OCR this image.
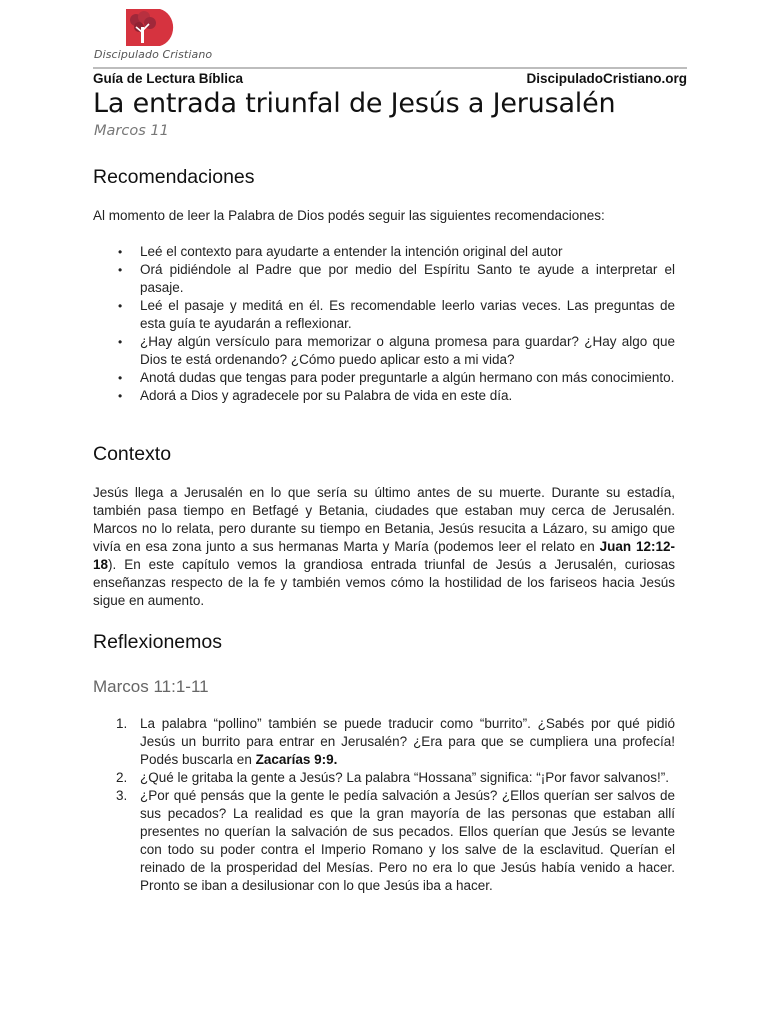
Discipulado Cristiano
Guía de Lectura Bíblica	DiscipuladoCristiano.org
La entrada triunfal de Jesús a Jerusalén
Marcos 11
Recomendaciones
Al momento de leer la Palabra de Dios podés seguir las siguientes recomendaciones:
• Leé el contexto para ayudarte a entender la intención original del autor
• Orá pidiéndole al Padre que por medio del Espíritu Santo te ayude a interpretar el pasaje.
• Leé el pasaje y meditá en él. Es recomendable leerlo varias veces. Las preguntas de esta guía te ayudarán a reflexionar.
• ¿Hay algún versículo para memorizar o alguna promesa para guardar? ¿Hay algo que Dios te está ordenando? ¿Cómo puedo aplicar esto a mi vida?
• Anotá dudas que tengas para poder preguntarle a algún hermano con más conocimiento.
• Adorá a Dios y agradecele por su Palabra de vida en este día.
Contexto
Jesús llega a Jerusalén en lo que sería su último antes de su muerte. Durante su estadía, también pasa tiempo en Betfagé y Betania, ciudades que estaban muy cerca de Jerusalén. Marcos no lo relata, pero durante su tiempo en Betania, Jesús resucita a Lázaro, su amigo que vivía en esa zona junto a sus hermanas Marta y María (podemos leer el relato en Juan 12:12-18). En este capítulo vemos la grandiosa entrada triunfal de Jesús a Jerusalén, curiosas enseñanzas respecto de la fe y también vemos cómo la hostilidad de los fariseos hacia Jesús sigue en aumento.
Reflexionemos
Marcos 11:1-11
1. La palabra “pollino” también se puede traducir como “burrito”. ¿Sabés por qué pidió Jesús un burrito para entrar en Jerusalén? ¿Era para que se cumpliera una profecía! Podés buscarla en Zacarías 9:9.
2. ¿Qué le gritaba la gente a Jesús? La palabra “Hossana” significa: “¡Por favor salvanos!”.
3. ¿Por qué pensás que la gente le pedía salvación a Jesús? ¿Ellos querían ser salvos de sus pecados? La realidad es que la gran mayoría de las personas que estaban allí presentes no querían la salvación de sus pecados. Ellos querían que Jesús se levante con todo su poder contra el Imperio Romano y los salve de la esclavitud. Querían el reinado de la prosperidad del Mesías. Pero no era lo que Jesús había venido a hacer. Pronto se iban a desilusionar con lo que Jesús iba a hacer.
